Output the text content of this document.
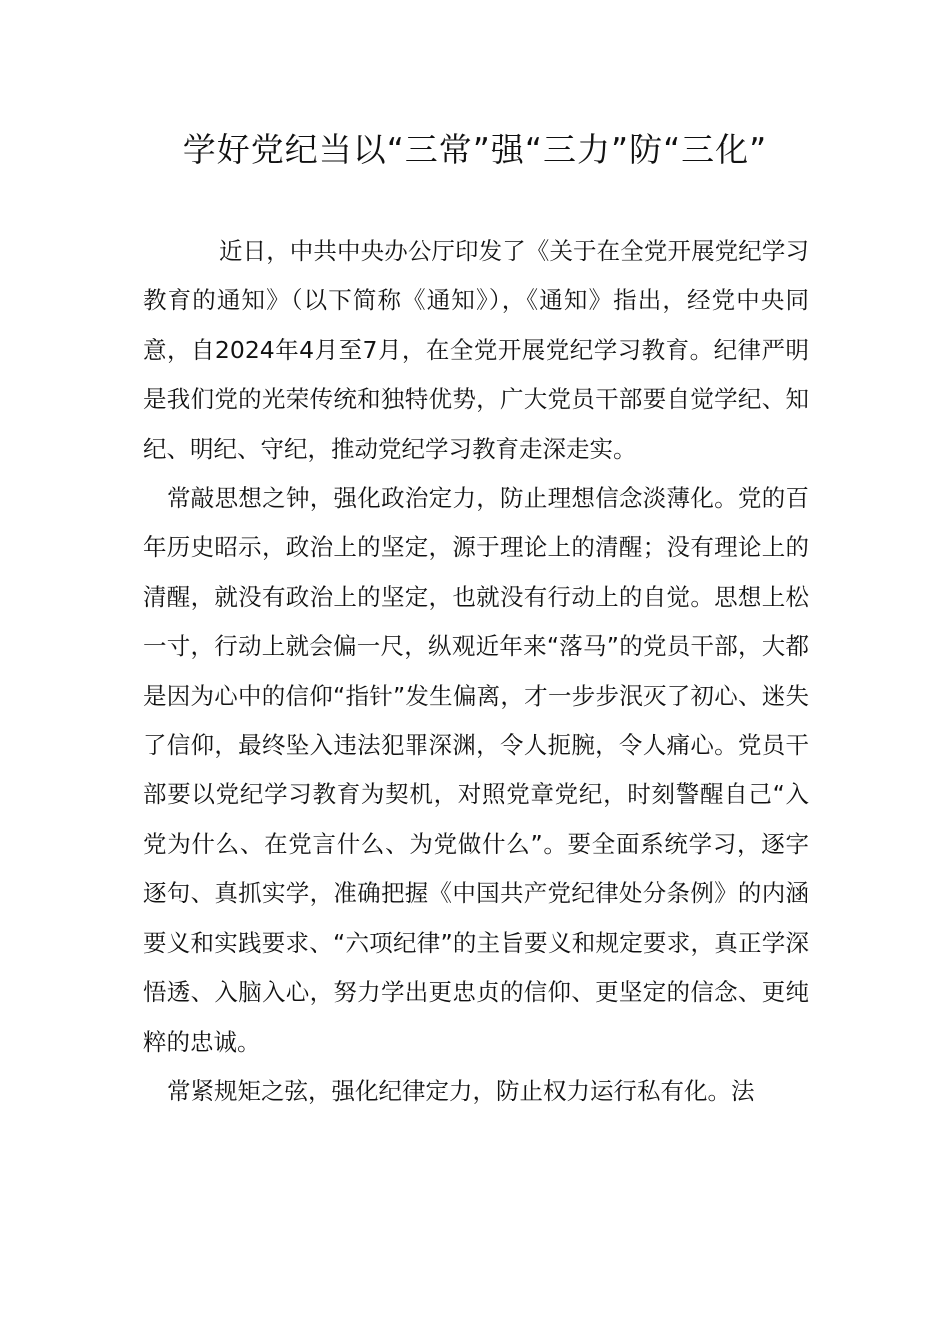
学好党纪当以“三常”强“三力”防“三化”

近日，中共中央办公厅印发了《关于在全党开展党纪学习教育的通知》（以下简称《通知》），《通知》指出，经党中央同意，自2024年4月至7月，在全党开展党纪学习教育。纪律严明是我们党的光荣传统和独特优势，广大党员干部要自觉学纪、知纪、明纪、守纪，推动党纪学习教育走深走实。

常敲思想之钟，强化政治定力，防止理想信念淡薄化。党的百年历史昭示，政治上的坚定，源于理论上的清醒；没有理论上的清醒，就没有政治上的坚定，也就没有行动上的自觉。思想上松一寸，行动上就会偏一尺，纵观近年来“落马”的党员干部，大都是因为心中的信仰“指针”发生偏离，才一步步泯灭了初心、迷失了信仰，最终坠入违法犯罪深渊，令人扼腕，令人痛心。党员干部要以党纪学习教育为契机，对照党章党纪，时刻警醒自己“入党为什么、在党言什么、为党做什么”。要全面系统学习，逐字逐句、真抓实学，准确把握《中国共产党纪律处分条例》的内涵要义和实践要求、“六项纪律”的主旨要义和规定要求，真正学深悟透、入脑入心，努力学出更忠贞的信仰、更坚定的信念、更纯粹的忠诚。

常紧规矩之弦，强化纪律定力，防止权力运行私有化。法
